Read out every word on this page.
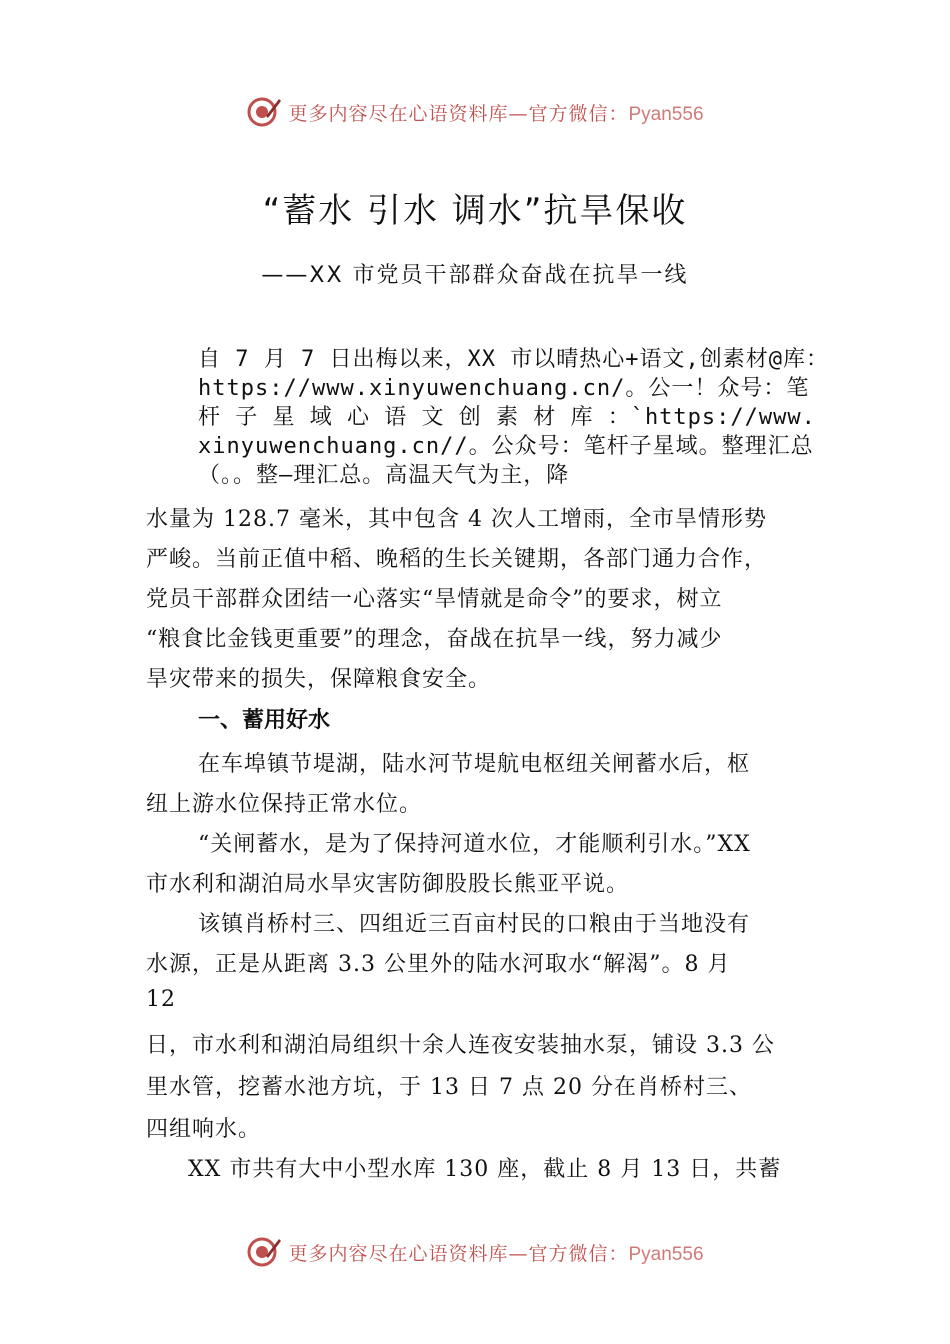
更多内容尽在心语资料库—官方微信：Pyan556
“蓄水 引水 调水”抗旱保收
——XX 市党员干部群众奋战在抗旱一线

自 7 月 7 日出梅以来，XX 市以晴热心+语文,创素材@库：https://www.xinyuwenchuang.cn/。公一！众号：笔 杆 子 星 域 心 语 文 创 素 材 库 ：`https://www.xinyuwenchuang.cn//。公众号：笔杆子星域。整理汇总（。。整—理汇总。高温天气为主，降

水量为 128.7 毫米，其中包含 4 次人工增雨，全市旱情形势
严峻。当前正值中稻、晚稻的生长关键期，各部门通力合作，
党员干部群众团结一心落实“旱情就是命令”的要求，树立
“粮食比金钱更重要”的理念，奋战在抗旱一线，努力减少
旱灾带来的损失，保障粮食安全。
一、蓄用好水
在车埠镇节堤湖，陆水河节堤航电枢纽关闸蓄水后，枢
纽上游水位保持正常水位。
“关闸蓄水，是为了保持河道水位，才能顺利引水。”XX
市水利和湖泊局水旱灾害防御股股长熊亚平说。
该镇肖桥村三、四组近三百亩村民的口粮由于当地没有
水源，正是从距离 3.3 公里外的陆水河取水“解渴”。8 月
12
日，市水利和湖泊局组织十余人连夜安装抽水泵，铺设 3.3 公
里水管，挖蓄水池方坑，于 13 日 7 点 20 分在肖桥村三、
四组响水。
XX 市共有大中小型水库 130 座，截止 8 月 13 日，共蓄
更多内容尽在心语资料库—官方微信：Pyan556
